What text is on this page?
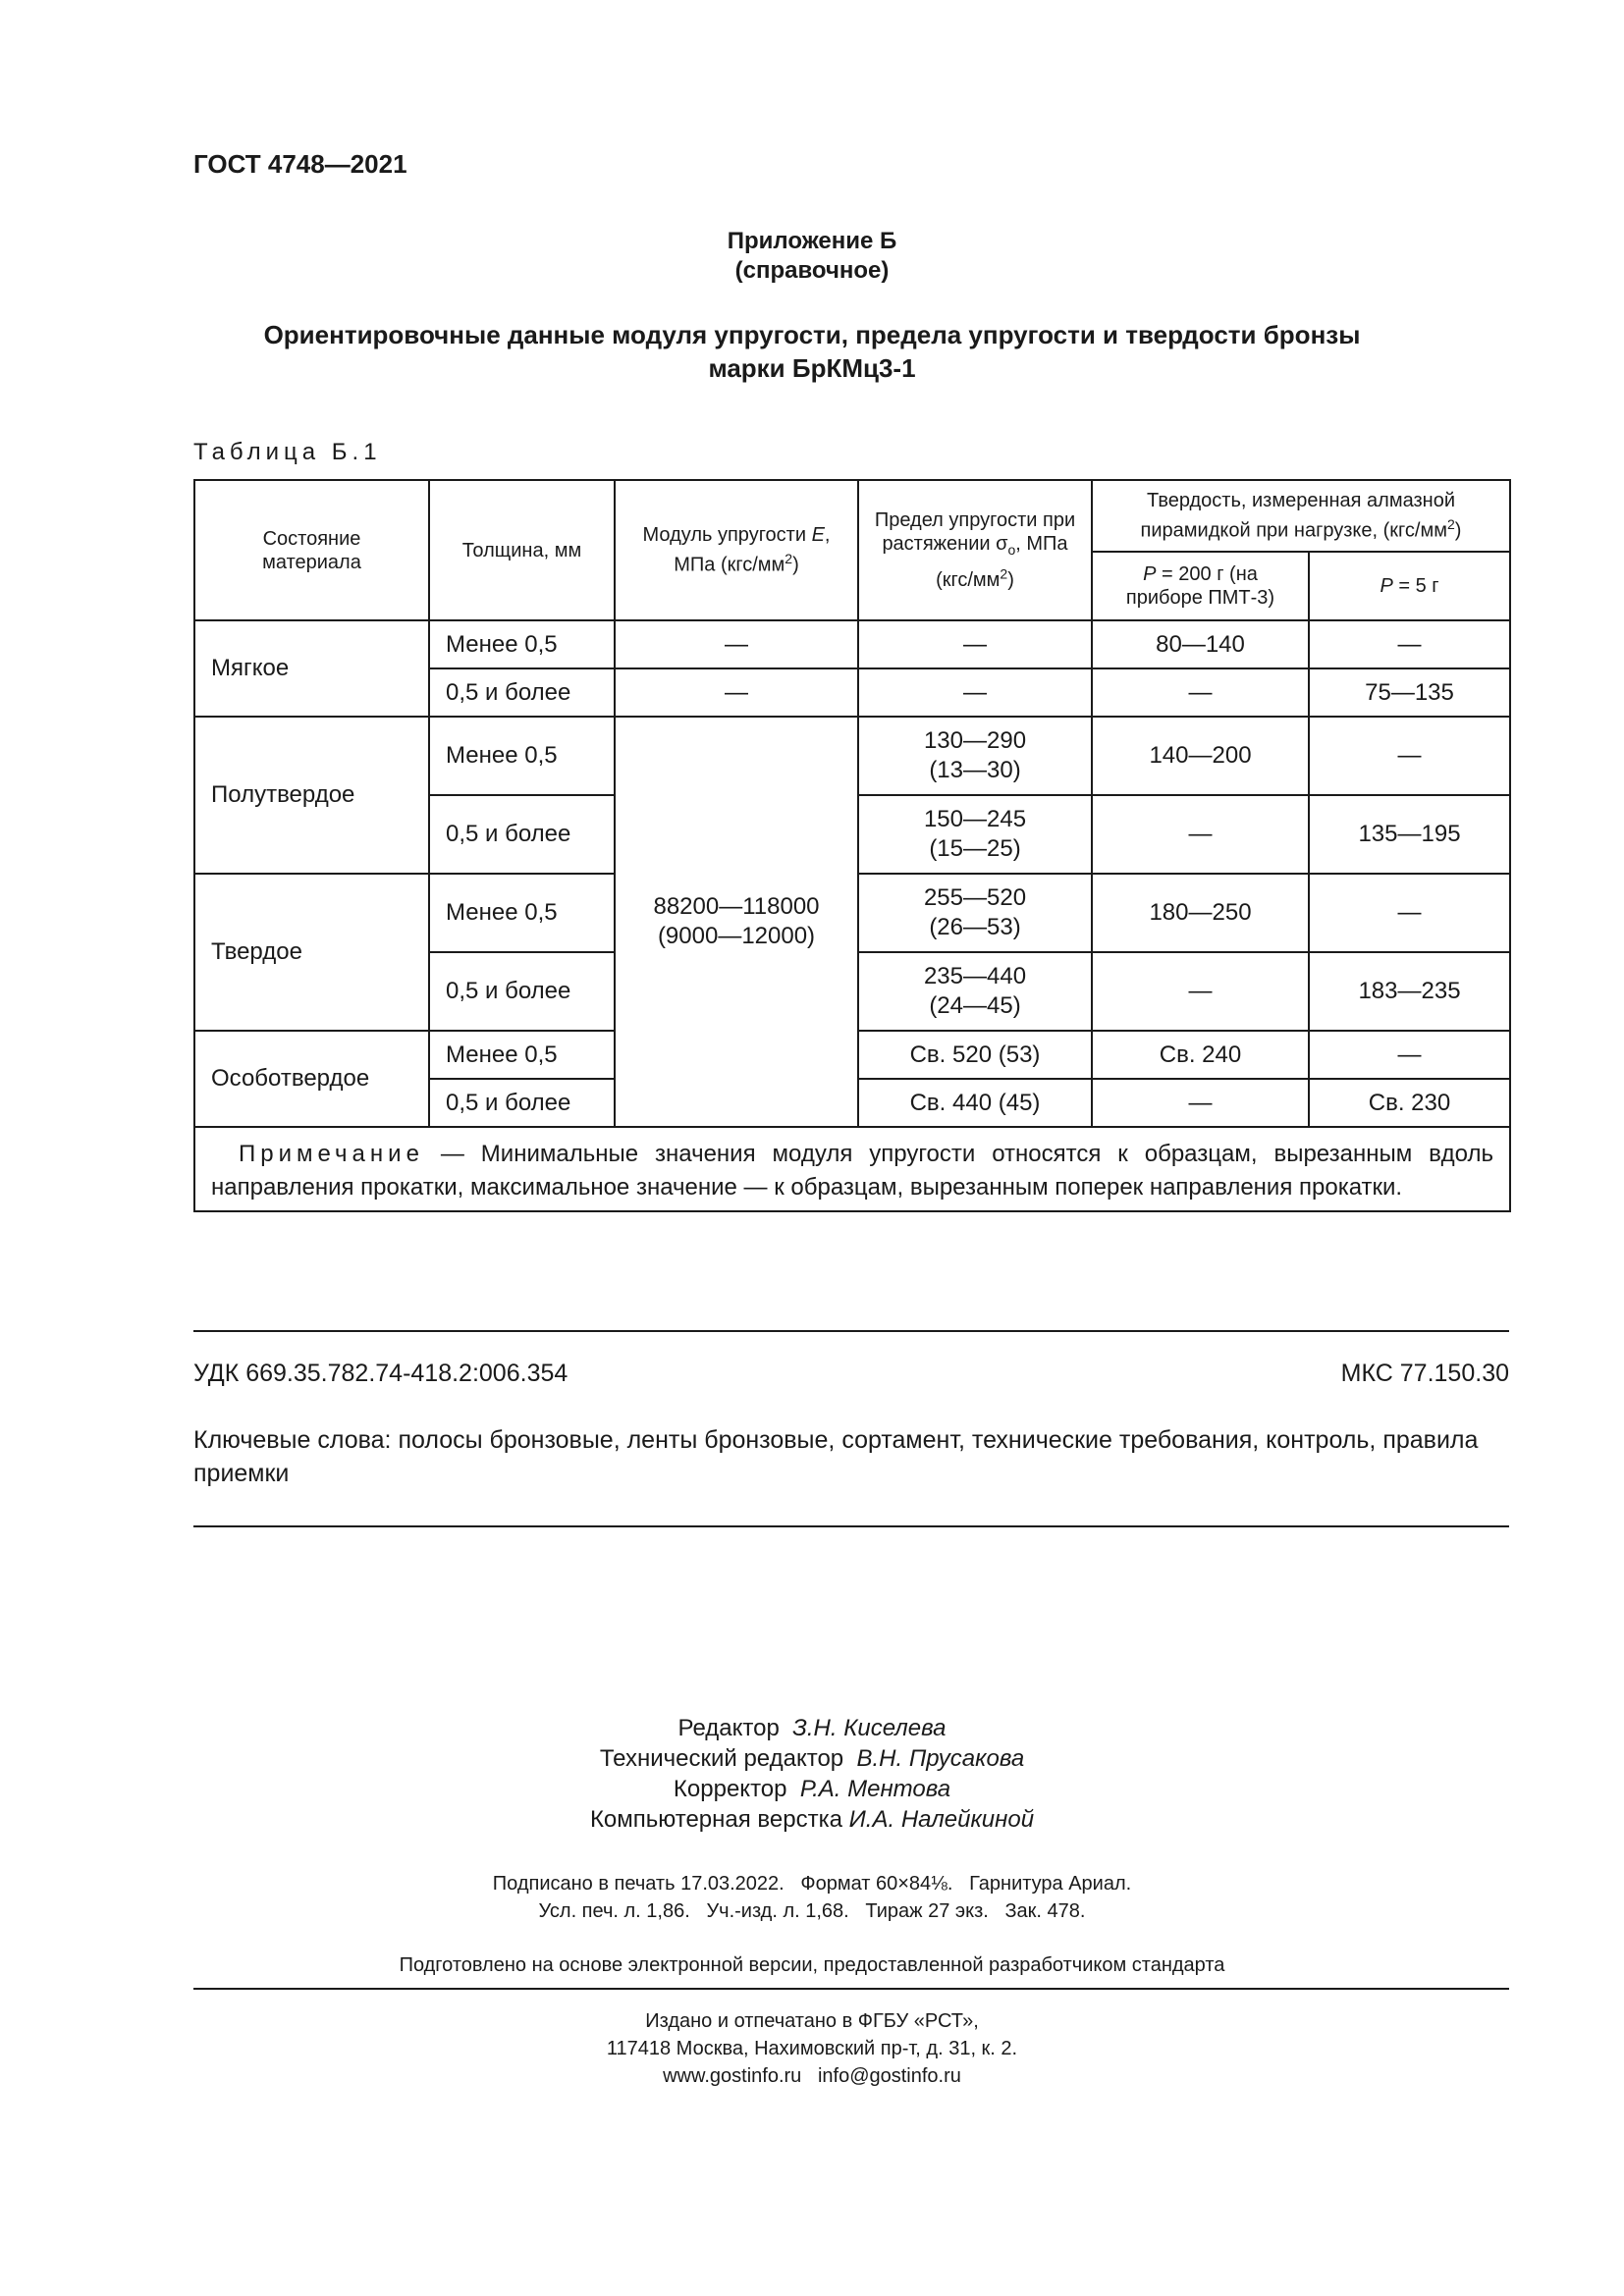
ГОСТ 4748—2021
Приложение Б
(справочное)
Ориентировочные данные модуля упругости, предела упругости и твердости бронзы
марки БрКМц3-1
Таблица Б.1
Состояние материала	Толщина, мм	Модуль упругости E, МПа $(кгс/мм^2)$	Предел упругости при растяжении $\sigma_о$, МПа $(кгс/мм^2)$	Твердость, измеренная алмазной пирамидкой при нагрузке, $(кгс/мм^2)$	
				P = 200 г (на приборе ПМТ-3)	P = 5 г
Мягкое	Менее 0,5	—	—	80—140	—
	0,5 и более	—	—	—	75—135
Полутвердое	Менее 0,5	88200—118000 (9000—12000)	130—290 (13—30)	140—200	—
	0,5 и более		150—245 (15—25)	—	135—195
Твердое	Менее 0,5		255—520 (26—53)	180—250	—
	0,5 и более		235—440 (24—45)	—	183—235
Особотвердое	Менее 0,5		Св. 520 (53)	Св. 240	—
	0,5 и более		Св. 440 (45)	—	Св. 230
Примечание — Минимальные значения модуля упругости относятся к образцам, вырезанным вдоль направления прокатки, максимальное значение — к образцам, вырезанным поперек направления прокатки.					
УДК 669.35.782.74-418.2:006.354	МКС 77.150.30
Ключевые слова: полосы бронзовые, ленты бронзовые, сортамент, технические требования, контроль, правила приемки
Редактор З.Н. Киселева
Технический редактор В.Н. Прусакова
Корректор Р.А. Ментова
Компьютерная верстка И.А. Налейкиной
Подписано в печать 17.03.2022.   Формат 60×84⅛.   Гарнитура Ариал.
Усл. печ. л. 1,86.   Уч.-изд. л. 1,68.   Тираж 27 экз.   Зак. 478.
Подготовлено на основе электронной версии, предоставленной разработчиком стандарта
Издано и отпечатано в ФГБУ «РСТ»,
117418 Москва, Нахимовский пр-т, д. 31, к. 2.
www.gostinfo.ru   info@gostinfo.ru
